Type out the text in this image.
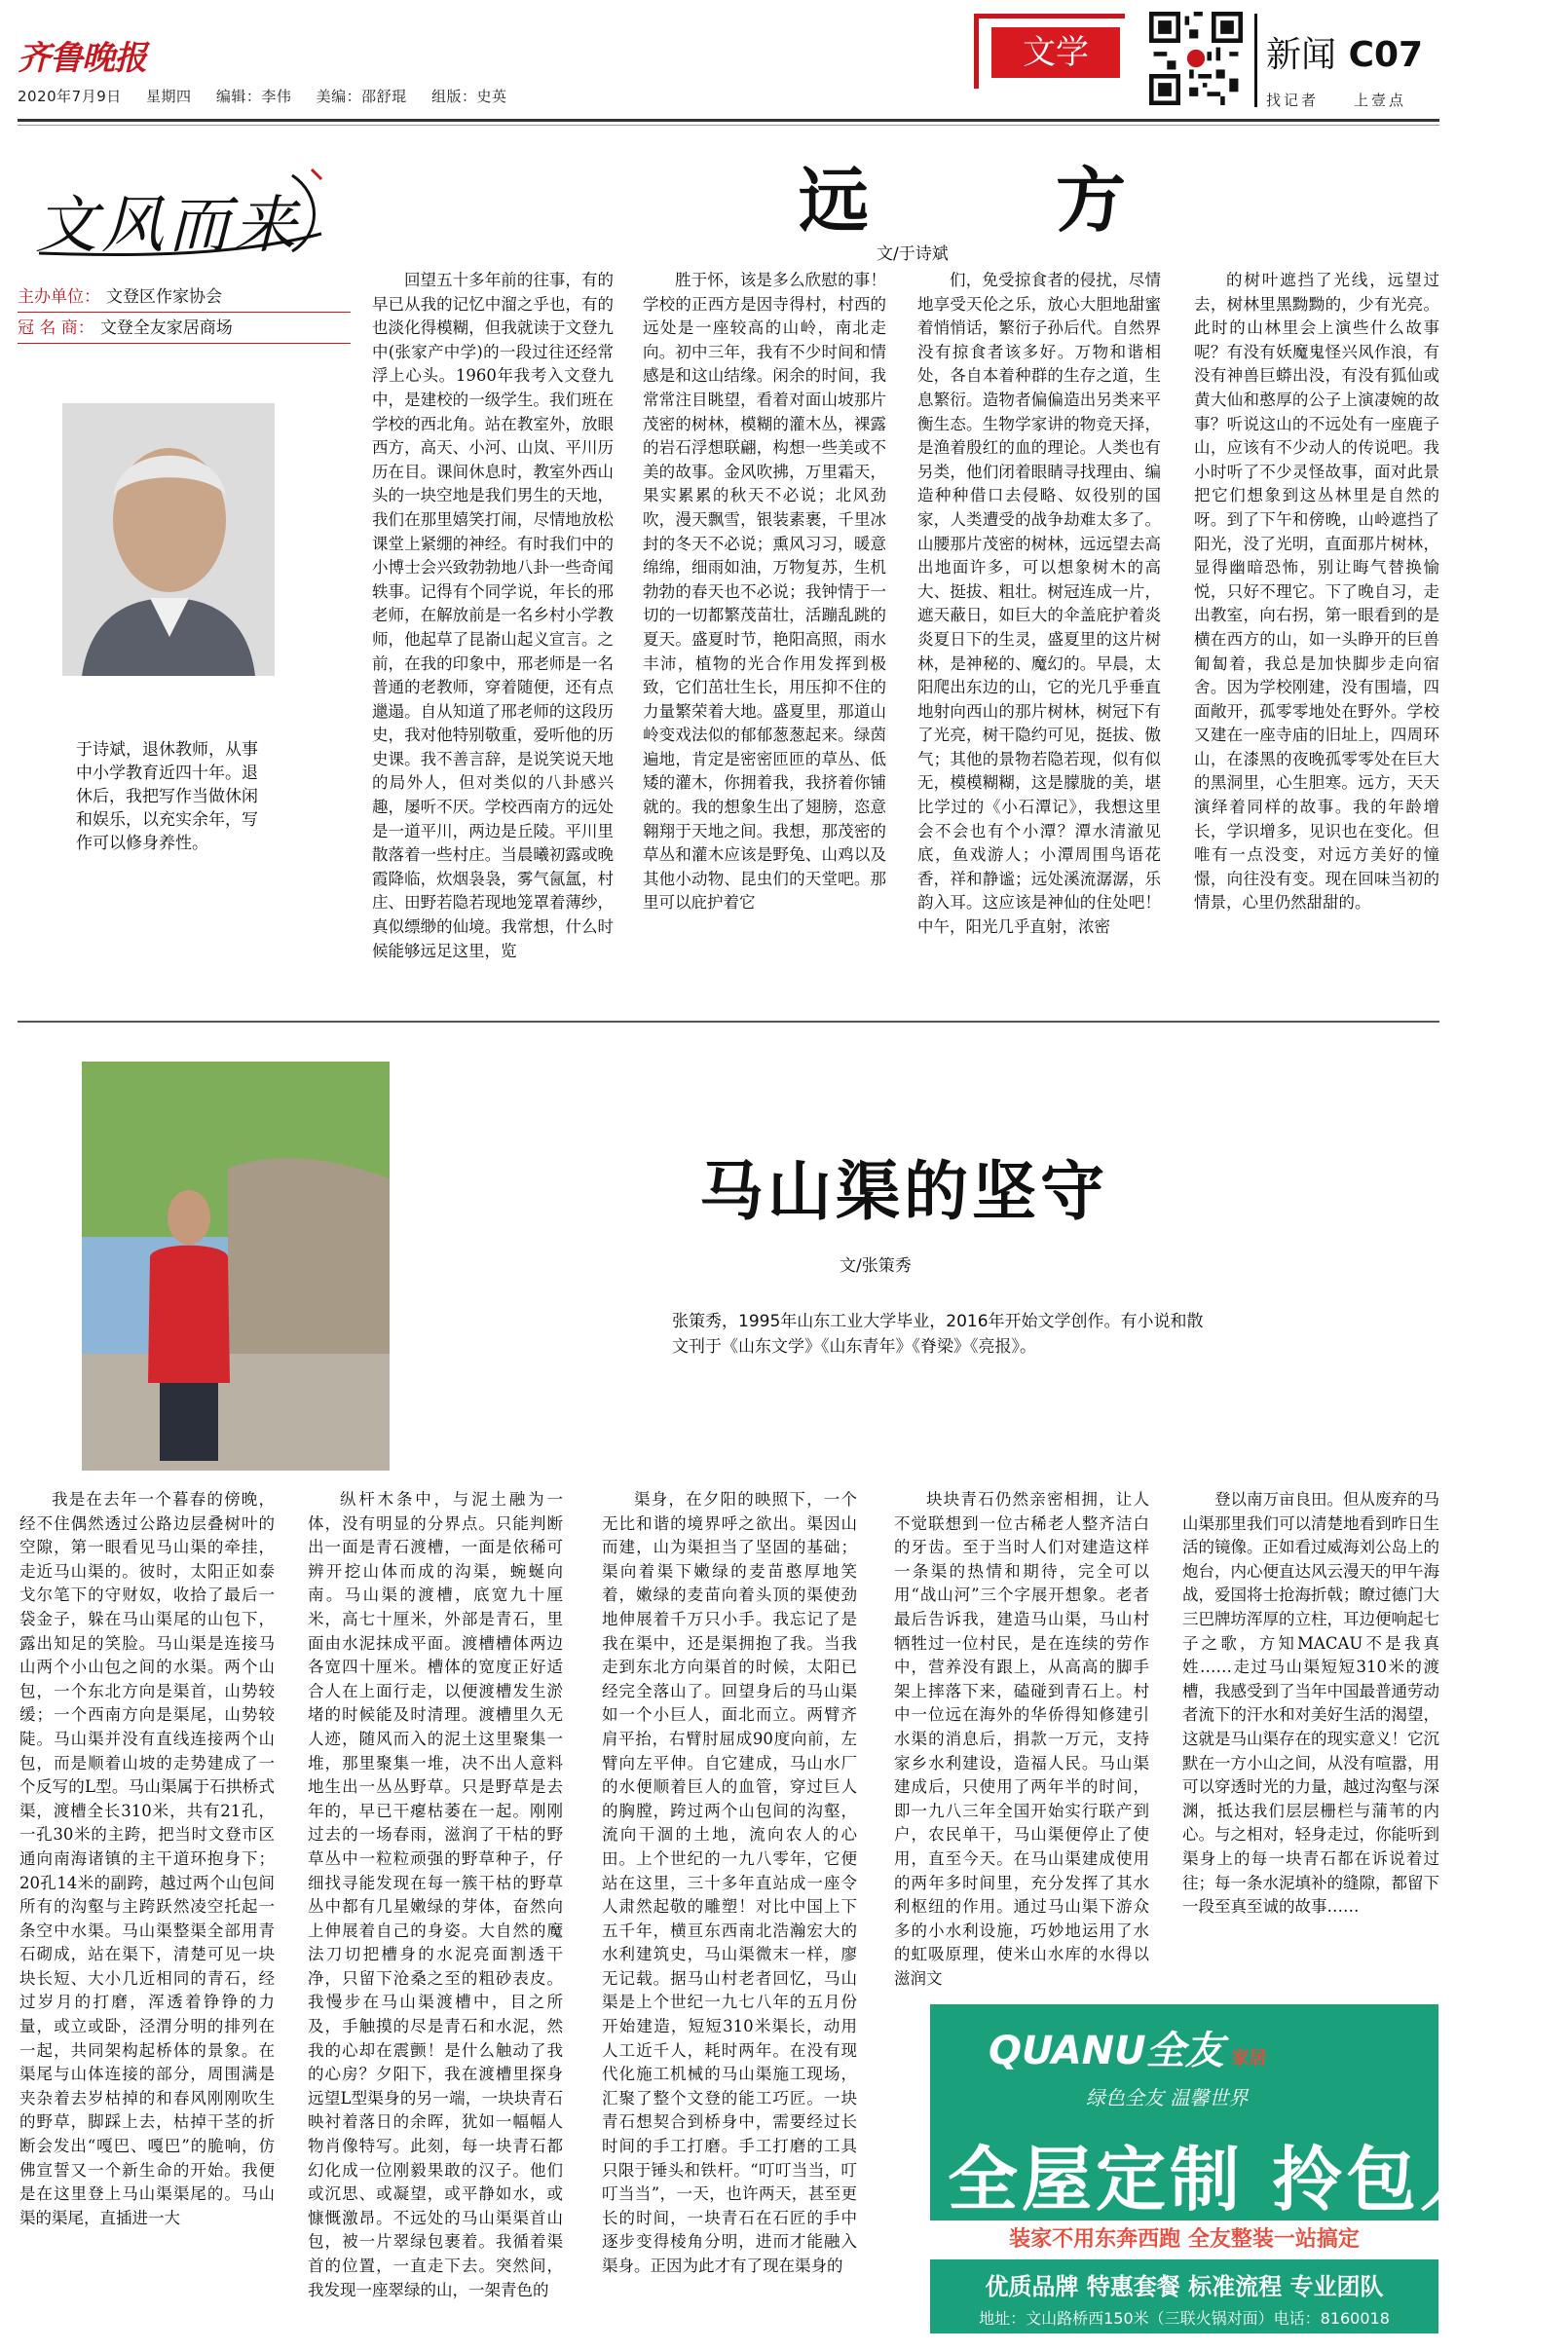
齐鲁晚报
2020年7月9日 星期四 编辑：李伟 美编：邵舒琨 组版：史英
文学	新闻 C07
找记者　　上壹点
文风而来
主办单位： 文登区作家协会
冠 名 商： 文登全友家居商场
于诗斌，退休教师，从事中小学教育近四十年。退休后，我把写作当做休闲和娱乐，以充实余年，写作可以修身养性。
远　方
文/于诗斌

回望五十多年前的往事，有的早已从我的记忆中溜之乎也，有的也淡化得模糊，但我就读于文登九中(张家产中学)的一段过往还经常浮上心头。1960年我考入文登九中，是建校的一级学生。我们班在学校的西北角。站在教室外，放眼西方，高天、小河、山岚、平川历历在目。课间休息时，教室外西山头的一块空地是我们男生的天地，我们在那里嬉笑打闹，尽情地放松课堂上紧绷的神经。有时我们中的小博士会兴致勃勃地八卦一些奇闻轶事。记得有个同学说，年长的邢老师，在解放前是一名乡村小学教师，他起草了昆嵛山起义宣言。之前，在我的印象中，邢老师是一名普通的老教师，穿着随便，还有点邋遢。自从知道了邢老师的这段历史，我对他特别敬重，爱听他的历史课。我不善言辞，是说笑说天地的局外人，但对类似的八卦感兴趣，屡听不厌。学校西南方的远处是一道平川，两边是丘陵。平川里散落着一些村庄。当晨曦初露或晚霞降临，炊烟袅袅，雾气氤氲，村庄、田野若隐若现地笼罩着薄纱，真似缥缈的仙境。我常想，什么时候能够远足这里，览

胜于怀，该是多么欣慰的事！学校的正西方是因寺得村，村西的远处是一座较高的山岭，南北走向。初中三年，我有不少时间和情感是和这山结缘。闲余的时间，我常常注目眺望，看着对面山坡那片茂密的树林，模糊的灌木丛，裸露的岩石浮想联翩，构想一些美或不美的故事。金风吹拂，万里霜天，果实累累的秋天不必说；北风劲吹，漫天飘雪，银装素裹，千里冰封的冬天不必说；熏风习习，暖意绵绵，细雨如油，万物复苏，生机勃勃的春天也不必说；我钟情于一切的一切都繁茂苗壮，活蹦乱跳的夏天。盛夏时节，艳阳高照，雨水丰沛，植物的光合作用发挥到极致，它们茁壮生长，用压抑不住的力量繁荣着大地。盛夏里，那道山岭变戏法似的郁郁葱葱起来。绿茵遍地，肯定是密密匝匝的草丛、低矮的灌木，你拥着我，我挤着你铺就的。我的想象生出了翅膀，恣意翱翔于天地之间。我想，那茂密的草丛和灌木应该是野兔、山鸡以及其他小动物、昆虫们的天堂吧。那里可以庇护着它

们，免受掠食者的侵扰，尽情地享受天伦之乐，放心大胆地甜蜜着悄悄话，繁衍子孙后代。自然界没有掠食者该多好。万物和谐相处，各自本着种群的生存之道，生息繁衍。造物者偏偏造出另类来平衡生态。生物学家讲的物竞天择，是渔着殷红的血的理论。人类也有另类，他们闭着眼睛寻找理由、编造种种借口去侵略、奴役别的国家，人类遭受的战争劫难太多了。山腰那片茂密的树林，远远望去高出地面许多，可以想象树木的高大、挺拔、粗壮。树冠连成一片，遮天蔽日，如巨大的伞盖庇护着炎炎夏日下的生灵，盛夏里的这片树林，是神秘的、魔幻的。早晨，太阳爬出东边的山，它的光几乎垂直地射向西山的那片树林，树冠下有了光亮，树干隐约可见，挺拔、傲气；其他的景物若隐若现，似有似无，模模糊糊，这是朦胧的美，堪比学过的《小石潭记》，我想这里会不会也有个小潭？潭水清澈见底，鱼戏游人；小潭周围鸟语花香，祥和静谧；远处溪流潺潺，乐韵入耳。这应该是神仙的住处吧！中午，阳光几乎直射，浓密

的树叶遮挡了光线，远望过去，树林里黑黝黝的，少有光亮。此时的山林里会上演些什么故事呢？有没有妖魔鬼怪兴风作浪，有没有神兽巨蟒出没，有没有狐仙或黄大仙和憨厚的公子上演凄婉的故事？听说这山的不远处有一座鹿子山，应该有不少动人的传说吧。我小时听了不少灵怪故事，面对此景把它们想象到这丛林里是自然的呀。到了下午和傍晚，山岭遮挡了阳光，没了光明，直面那片树林，显得幽暗恐怖，别让晦气替换愉悦，只好不理它。下了晚自习，走出教室，向右拐，第一眼看到的是横在西方的山，如一头睁开的巨兽匍匐着，我总是加快脚步走向宿舍。因为学校刚建，没有围墙，四面敞开，孤零零地处在野外。学校又建在一座寺庙的旧址上，四周环山，在漆黑的夜晚孤零零处在巨大的黑洞里，心生胆寒。远方，天天演绎着同样的故事。我的年龄增长，学识增多，见识也在变化。但唯有一点没变，对远方美好的憧憬，向往没有变。现在回味当初的情景，心里仍然甜甜的。

马山渠的坚守
文/张策秀
张策秀，1995年山东工业大学毕业，2016年开始文学创作。有小说和散文刊于《山东文学》《山东青年》《脊梁》《亮报》。

我是在去年一个暮春的傍晚，经不住偶然透过公路边层叠树叶的空隙，第一眼看见马山渠的牵挂，走近马山渠的。彼时，太阳正如泰戈尔笔下的守财奴，收拾了最后一袋金子，躲在马山渠尾的山包下，露出知足的笑脸。马山渠是连接马山两个小山包之间的水渠。两个山包，一个东北方向是渠首，山势较缓；一个西南方向是渠尾，山势较陡。马山渠并没有直线连接两个山包，而是顺着山坡的走势建成了一个反写的L型。马山渠属于石拱桥式渠，渡槽全长310米，共有21孔，一孔30米的主跨，把当时文登市区通向南海诸镇的主干道环抱身下；20孔14米的副跨，越过两个山包间所有的沟壑与主跨跃然凌空托起一条空中水渠。马山渠整渠全部用青石砌成，站在渠下，清楚可见一块块长短、大小几近相同的青石，经过岁月的打磨，浑透着铮铮的力量，或立或卧，泾渭分明的排列在一起，共同架构起桥体的景象。在渠尾与山体连接的部分，周围满是夹杂着去岁枯掉的和春风刚刚吹生的野草，脚踩上去，枯掉干茎的折断会发出“嘎巴、嘎巴”的脆响，仿佛宣誓又一个新生命的开始。我便是在这里登上马山渠渠尾的。马山渠的渠尾，直插进一大

纵杆木条中，与泥土融为一体，没有明显的分界点。只能判断出一面是青石渡槽，一面是依稀可辨开挖山体而成的沟渠，蜿蜒向南。马山渠的渡槽，底宽九十厘米，高七十厘米，外部是青石，里面由水泥抹成平面。渡槽槽体两边各宽四十厘米。槽体的宽度正好适合人在上面行走，以便渡槽发生淤堵的时候能及时清理。渡槽里久无人迹，随风而入的泥土这里聚集一堆，那里聚集一堆，决不出人意料地生出一丛丛野草。只是野草是去年的，早已干瘪枯萎在一起。刚刚过去的一场春雨，滋润了干枯的野草丛中一粒粒顽强的野草种子，仔细找寻能发现在每一簇干枯的野草丛中都有几星嫩绿的芽体，奋然向上伸展着自己的身姿。大自然的魔法刀切把槽身的水泥亮面割透干净，只留下沧桑之至的粗砂表皮。我慢步在马山渠渡槽中，目之所及，手触摸的尽是青石和水泥，然我的心却在震颤！是什么触动了我的心房？夕阳下，我在渡槽里探身远望L型渠身的另一端，一块块青石映衬着落日的余晖，犹如一幅幅人物肖像特写。此刻，每一块青石都幻化成一位刚毅果敢的汉子。他们或沉思、或凝望，或平静如水，或慷慨激昂。不远处的马山渠渠首山包，被一片翠绿包裹着。我循着渠首的位置，一直走下去。突然间，我发现一座翠绿的山，一架青色的

渠身，在夕阳的映照下，一个无比和谐的境界呼之欲出。渠因山而建，山为渠担当了坚固的基础；渠向着渠下嫩绿的麦苗憨厚地笑着，嫩绿的麦苗向着头顶的渠使劲地伸展着千万只小手。我忘记了是我在渠中，还是渠拥抱了我。当我走到东北方向渠首的时候，太阳已经完全落山了。回望身后的马山渠如一个小巨人，面北而立。两臂齐肩平抬，右臂肘屈成90度向前，左臂向左平伸。自它建成，马山水厂的水便顺着巨人的血管，穿过巨人的胸膛，跨过两个山包间的沟壑，流向干涸的土地，流向农人的心田。上个世纪的一九八零年，它便站在这里，三十多年直站成一座令人肃然起敬的雕塑！对比中国上下五千年，横亘东西南北浩瀚宏大的水利建筑史，马山渠微末一样，廖无记载。据马山村老者回忆，马山渠是上个世纪一九七八年的五月份开始建造，短短310米渠长，动用人工近千人，耗时两年。在没有现代化施工机械的马山渠施工现场，汇聚了整个文登的能工巧匠。一块青石想契合到桥身中，需要经过长时间的手工打磨。手工打磨的工具只限于锤头和铁杆。“叮叮当当，叮叮当当”，一天，也许两天，甚至更长的时间，一块青石在石匠的手中逐步变得棱角分明，进而才能融入渠身。正因为此才有了现在渠身的

块块青石仍然亲密相拥，让人不觉联想到一位古稀老人整齐洁白的牙齿。至于当时人们对建造这样一条渠的热情和期待，完全可以用“战山河”三个字展开想象。老者最后告诉我，建造马山渠，马山村牺牲过一位村民，是在连续的劳作中，营养没有跟上，从高高的脚手架上摔落下来，磕碰到青石上。村中一位远在海外的华侨得知修建引水渠的消息后，捐款一万元，支持家乡水利建设，造福人民。马山渠建成后，只使用了两年半的时间，即一九八三年全国开始实行联产到户，农民单干，马山渠便停止了使用，直至今天。在马山渠建成使用的两年多时间里，充分发挥了其水利枢纽的作用。通过马山渠下游众多的小水利设施，巧妙地运用了水的虹吸原理，使米山水库的水得以滋润文

登以南万亩良田。但从废弃的马山渠那里我们可以清楚地看到昨日生活的镜像。正如看过威海刘公岛上的炮台，内心便直达风云漫天的甲午海战，爱国将士抢海折戟；瞭过德门大三巴牌坊浑厚的立柱，耳边便响起七子之歌，方知MACAU不是我真姓……走过马山渠短短310米的渡槽，我感受到了当年中国最普通劳动者流下的汗水和对美好生活的渴望，这就是马山渠存在的现实意义！它沉默在一方小山之间，从没有喧嚣，用可以穿透时光的力量，越过沟壑与深渊，抵达我们层层栅栏与蒲苇的内心。与之相对，轻身走过，你能听到渠身上的每一块青石都在诉说着过往；每一条水泥填补的缝隙，都留下一段至真至诚的故事……

QUANU全友 家居
绿色全友 温馨世界
全屋定制 拎包入住
装家不用东奔西跑 全友整装一站搞定
优质品牌 特惠套餐 标准流程 专业团队
地址：文山路桥西150米（三联火锅对面）电话：8160018
